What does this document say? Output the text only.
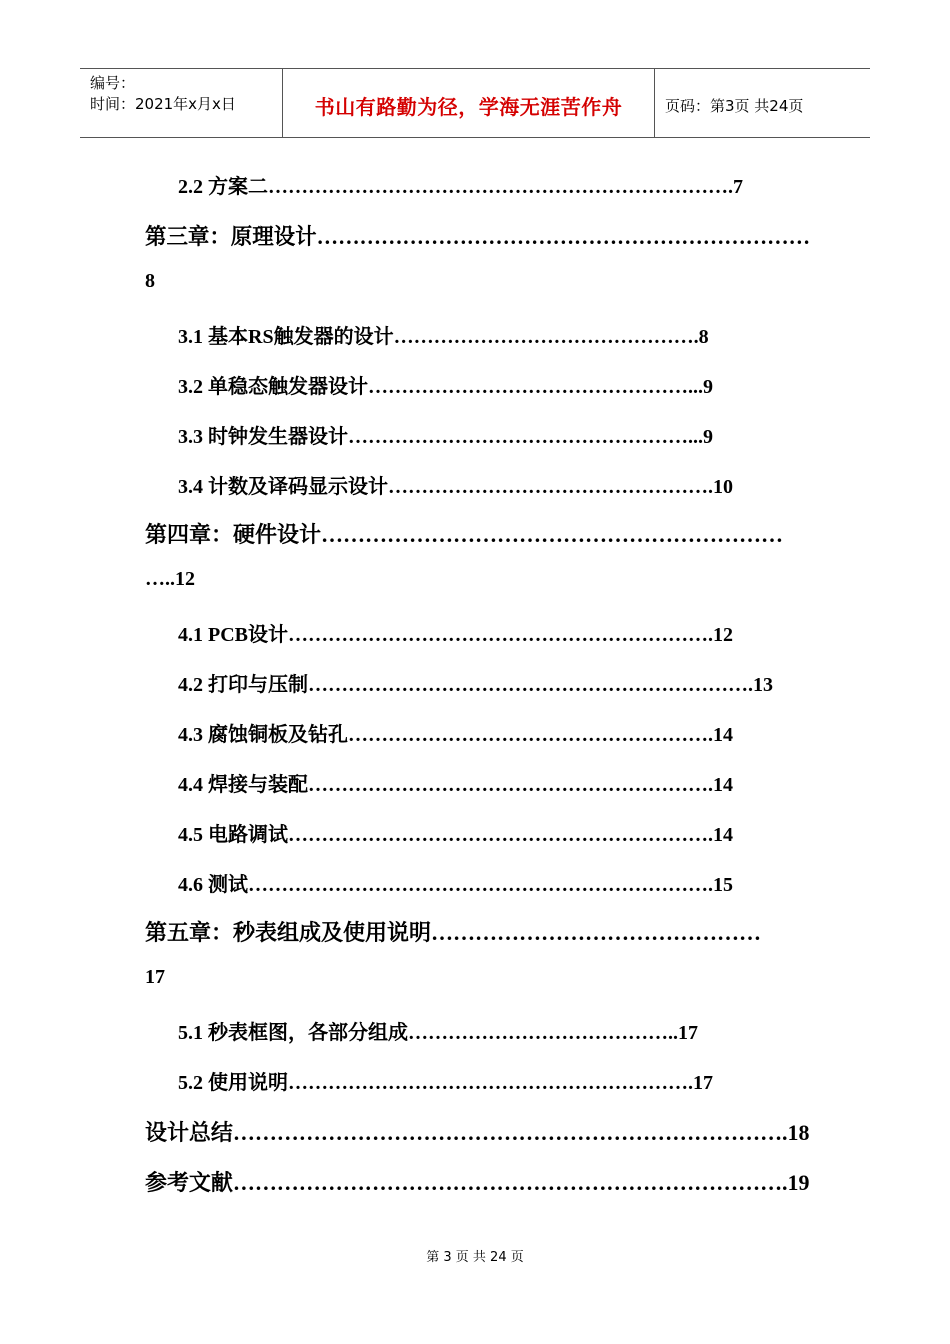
编号：
时间：2021年x月x日	书山有路勤为径，学海无涯苦作舟	页码：第3页 共24页
2.2 方案二…………………………………………………………….7
第三章：原理设计……………………………………………………………
8
3.1 基本RS触发器的设计……………………………………….8
3.2 单稳态触发器设计…………………………………………...9
3.3 时钟发生器设计……………………………………………...9
3.4 计数及译码显示设计………………………………………….10
第四章：硬件设计………………………………………………………
…..12
4.1 PCB设计……………………………………………………….12
4.2 打印与压制………………………………………………………….13
4.3 腐蚀铜板及钻孔……………………………………………….14
4.4 焊接与装配…………………………………………………….14
4.5 电路调试……………………………………………………….14
4.6 测试…………………………………………………………….15
第五章：秒表组成及使用说明………………………………………
17
5.1 秒表框图，各部分组成…………………………………..17
5.2 使用说明…………………………………………………….17
设计总结………………………………………………………………….18
参考文献………………………………………………………………….19
第 3 页 共 24 页
